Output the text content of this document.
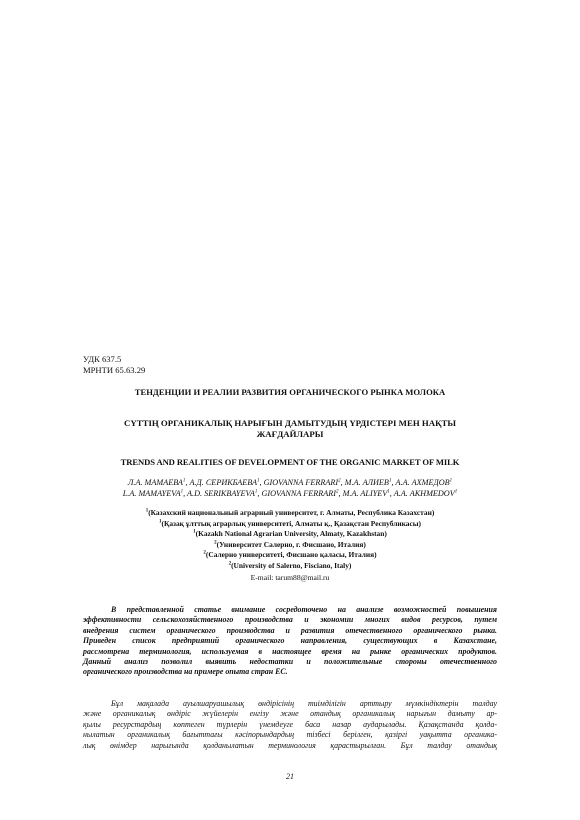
УДК 637.5
МРНТИ 65.63.29
ТЕНДЕНЦИИ И РЕАЛИИ РАЗВИТИЯ ОРГАНИЧЕСКОГО РЫНКА МОЛОКА
СҮТТІҢ ОРГАНИКАЛЫҚ НАРЫҒЫН ДАМЫТУДЫҢ ҮРДІСТЕРІ МЕН НАҚТЫ
ЖАҒДАЙЛАРЫ
TRENDS AND REALITIES OF DEVELOPMENT OF THE ORGANIC MARKET OF MILK
Л.А. МАМАЕВА$^1$, А.Д. СЕРИКБАЕВА$^1$, GIOVANNA FERRARI$^2$, М.А. АЛИЕВ$^1$, А.А. АХМЕДОВ$^1$
L.A. MAMAYEVA$^1$, A.D. SERIKBAYEVA$^1$, GIOVANNA FERRARI$^2$, M.A. ALIYEV$^1$, A.A. AKHMEDOV$^1$
$^1$(Казахский национальный аграрный университет, г. Алматы, Республика Казахстан)
$^1$(Қазақ ұлттық аграрлық университеті, Алматы қ., Қазақстан Республикасы)
$^1$(Kazakh National Agrarian University, Almaty, Kazakhstan)
$^2$(Университет Салерно, г. Фисшано, Италия)
$^2$(Салерно университеті, Фисшано қаласы, Италия)
$^2$(University of Salerno, Fisciano, Italy)
E-mail: tarum88@mail.ru
В представленной статье внимание сосредоточено на анализе возможностей повышения
эффективности сельскохозяйственного производства и экономии многих видов ресурсов, путем
внедрения систем органического производства и развития отечественного органического рынка.
Приведен список предприятий органического направления, существующих в Казахстане,
рассмотрена терминология, используемая в настоящее время на рынке органических продуктов.
Данный анализ позволил выявить недостатки и положительные стороны отечественного
органического производства на примере опыта стран ЕС.
Бұл мақалада ауылшаруашылық өндірісінің тиімділігін арттыру мүмкіндіктерін талдау
және органикалық өндіріс жүйелерін енгізу және отандық органикалық нарығын дамыту ар-
қылы ресурстардың көптеген түрлерін үнемдеуге баса назар аударылады. Қазақстанда қолда-
нылатын органикалық бағыттағы кәсіпорындардың тізбесі берілген, қазіргі уақытта органика-
лық өнімдер нарығында қолданылатын терминология қарастырылған. Бұл талдау отандық
21
